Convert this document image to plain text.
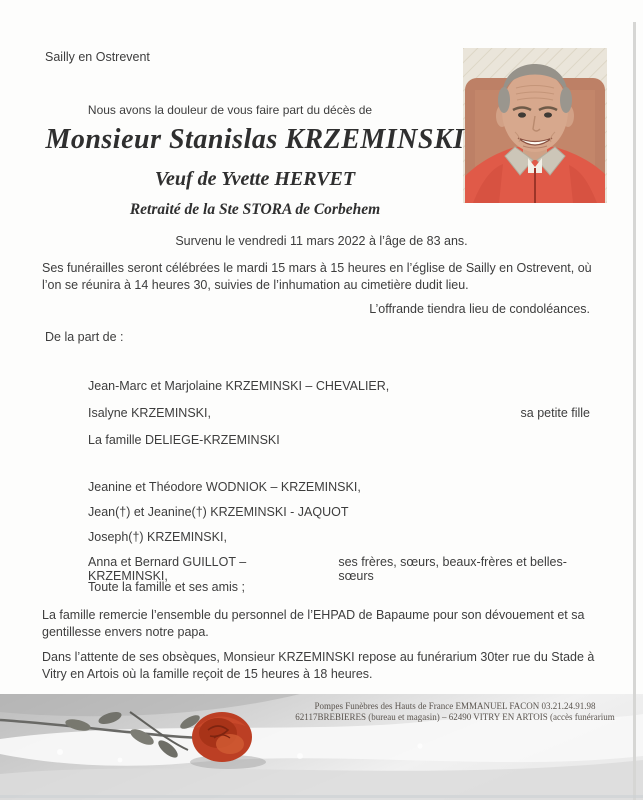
Sailly en Ostrevent
Nous avons la douleur de vous faire part du décès de
Monsieur Stanislas KRZEMINSKI
Veuf de Yvette HERVET
Retraité de la Ste STORA de Corbehem
Survenu le vendredi 11 mars 2022 à l’âge de 83 ans.
Ses funérailles seront célébrées le mardi 15 mars à 15 heures en l’église de Sailly en Ostrevent, où l’on se réunira à 14 heures 30, suivies de l’inhumation au cimetière dudit lieu.
L’offrande tiendra lieu de condoléances.
De la part de :
Jean-Marc et Marjolaine KRZEMINSKI – CHEVALIER,
Isalyne KRZEMINSKI,	sa petite fille
La famille DELIEGE-KRZEMINSKI
Jeanine et Théodore WODNIOK – KRZEMINSKI,
Jean(†) et Jeanine(†) KRZEMINSKI - JAQUOT
Joseph(†) KRZEMINSKI,
Anna et Bernard GUILLOT – KRZEMINSKI,
ses frères, sœurs, beaux-frères et belles-sœurs
Toute la famille et ses amis ;
La famille remercie l’ensemble du personnel de l’EHPAD de Bapaume pour son dévouement et sa gentillesse envers notre papa.
Dans l’attente de ses obsèques, Monsieur KRZEMINSKI repose au funérarium 30ter rue du Stade à Vitry en Artois où la famille reçoit de 15 heures à 18 heures.
Pompes Funèbres des Hauts de France EMMANUEL FACON 03.21.24.91.98
62117BREBIERES (bureau et magasin) – 62490 VITRY EN ARTOIS (accès funérarium
